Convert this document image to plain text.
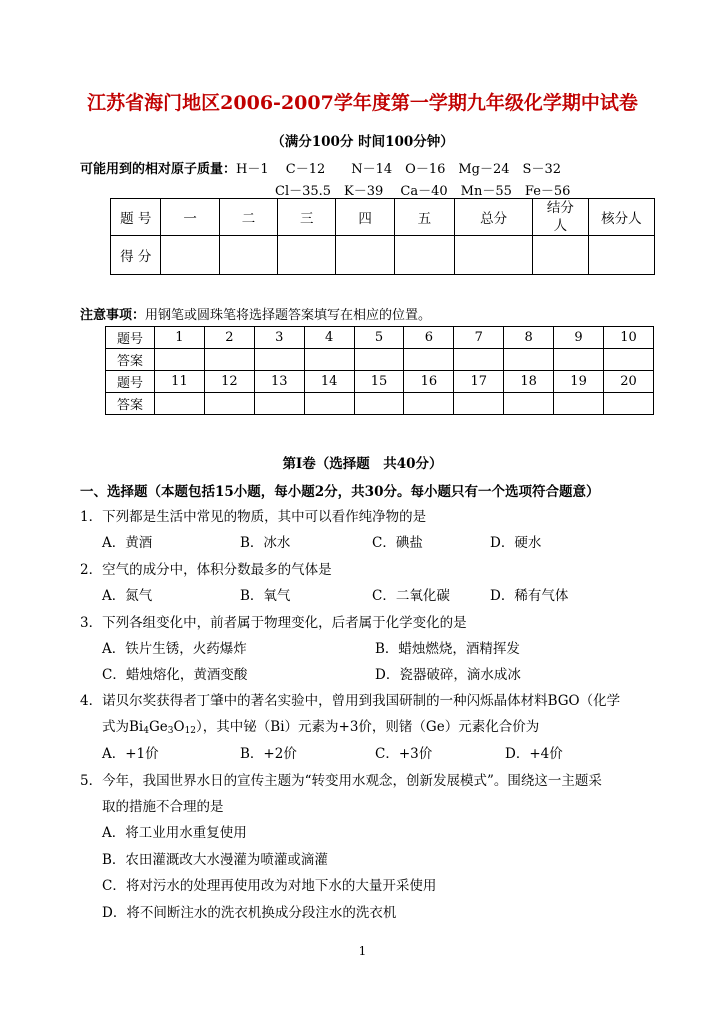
江苏省海门地区2006-2007学年度第一学期九年级化学期中试卷
（满分100分 时间100分钟）
可能用到的相对原子质量：H－1　 C－12　　N－14　O－16　Mg－24　S－32
Cl－35.5　K－39　 Ca－40　Mn－55　Fe－56
题 号	一	二	三	四	五	总分	结分人	核分人
得 分								
注意事项：用钢笔或圆珠笔将选择题答案填写在相应的位置。
题号	1	2	3	4	5	6	7	8	9	10
答案										
题号	11	12	13	14	15	16	17	18	19	20
答案										
第Ⅰ卷（选择题　共40分）
一、选择题（本题包括15小题，每小题2分，共30分。每小题只有一个选项符合题意）
1．下列都是生活中常见的物质，其中可以看作纯净物的是
A．黄酒	B．冰水	C．碘盐	D．硬水
2．空气的成分中，体积分数最多的气体是
A．氮气	B．氧气	C．二氧化碳	D．稀有气体
3．下列各组变化中，前者属于物理变化，后者属于化学变化的是
A．铁片生锈，火药爆炸	B．蜡烛燃烧，酒精挥发
C．蜡烛熔化，黄酒变酸	D．瓷器破碎，滴水成冰
4．诺贝尔奖获得者丁肇中的著名实验中，曾用到我国研制的一种闪烁晶体材料BGO（化学
式为$Bi_4Ge_3O_{12}$），其中铋（Bi）元素为+3价，则锗（Ge）元素化合价为
A．+1价	B．+2价	C．+3价	D．+4价
5．今年，我国世界水日的宣传主题为“转变用水观念，创新发展模式”。围绕这一主题采
取的措施不合理的是
A．将工业用水重复使用
B．农田灌溉改大水漫灌为喷灌或滴灌
C．将对污水的处理再使用改为对地下水的大量开采使用
D．将不间断注水的洗衣机换成分段注水的洗衣机
1
